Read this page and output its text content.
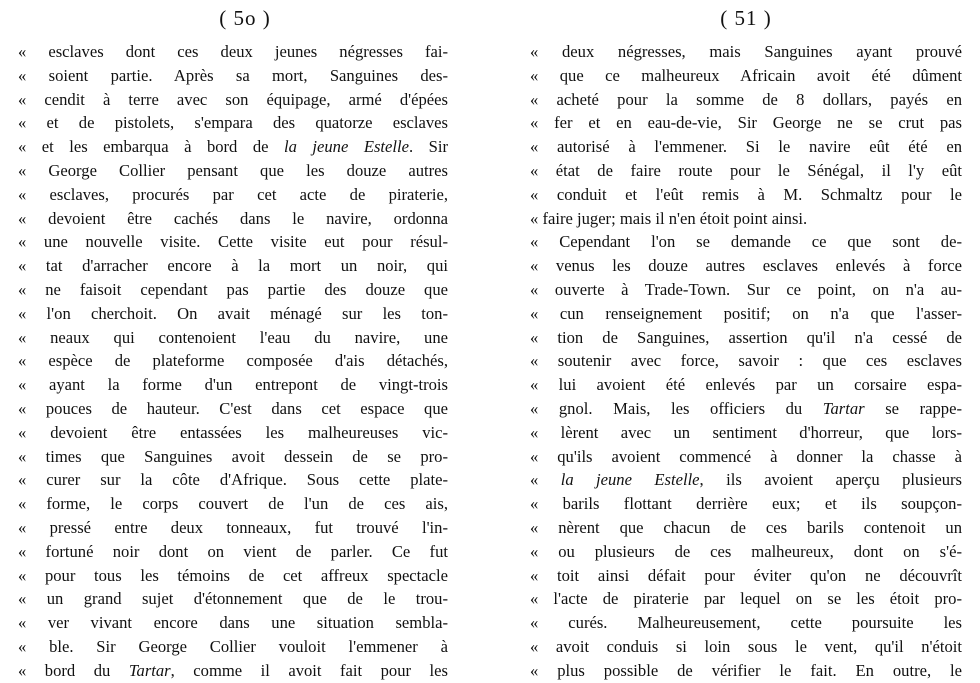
( 5o )
« esclaves dont ces deux jeunes négresses fai-
« soient partie. Après sa mort, Sanguines des-
« cendit à terre avec son équipage, armé d'épées
« et de pistolets, s'empara des quatorze esclaves
« et les embarqua à bord de la jeune Estelle. Sir
« George Collier pensant que les douze autres
« esclaves, procurés par cet acte de piraterie,
« devoient être cachés dans le navire, ordonna
« une nouvelle visite. Cette visite eut pour résul-
« tat d'arracher encore à la mort un noir, qui
« ne faisoit cependant pas partie des douze que
« l'on cherchoit. On avait ménagé sur les ton-
« neaux qui contenoient l'eau du navire, une
« espèce de plateforme composée d'ais détachés,
« ayant la forme d'un entrepont de vingt-trois
« pouces de hauteur. C'est dans cet espace que
« devoient être entassées les malheureuses vic-
« times que Sanguines avoit dessein de se pro-
« curer sur la côte d'Afrique. Sous cette plate-
« forme, le corps couvert de l'un de ces ais,
« pressé entre deux tonneaux, fut trouvé l'in-
« fortuné noir dont on vient de parler. Ce fut
« pour tous les témoins de cet affreux spectacle
« un grand sujet d'étonnement que de le trou-
« ver vivant encore dans une situation sembla-
« ble. Sir George Collier vouloit l'emmener à
« bord du Tartar, comme il avoit fait pour les
( 51 )
« deux négresses, mais Sanguines ayant prouvé
« que ce malheureux Africain avoit été dûment
« acheté pour la somme de 8 dollars, payés en
« fer et en eau-de-vie, Sir George ne se crut pas
« autorisé à l'emmener. Si le navire eût été en
« état de faire route pour le Sénégal, il l'y eût
« conduit et l'eût remis à M. Schmaltz pour le
« faire juger; mais il n'en étoit point ainsi.
« Cependant l'on se demande ce que sont de-
« venus les douze autres esclaves enlevés à force
« ouverte à Trade-Town. Sur ce point, on n'a au-
« cun renseignement positif; on n'a que l'asser-
« tion de Sanguines, assertion qu'il n'a cessé de
« soutenir avec force, savoir : que ces esclaves
« lui avoient été enlevés par un corsaire espa-
« gnol. Mais, les officiers du Tartar se rappe-
« lèrent avec un sentiment d'horreur, que lors-
« qu'ils avoient commencé à donner la chasse à
« la jeune Estelle, ils avoient aperçu plusieurs
« barils flottant derrière eux; et ils soupçon-
« nèrent que chacun de ces barils contenoit un
« ou plusieurs de ces malheureux, dont on s'é-
« toit ainsi défait pour éviter qu'on ne découvrît
« l'acte de piraterie par lequel on se les étoit pro-
« curés. Malheureusement, cette poursuite les
« avoit conduis si loin sous le vent, qu'il n'étoit
« plus possible de vérifier le fait. En outre, le
